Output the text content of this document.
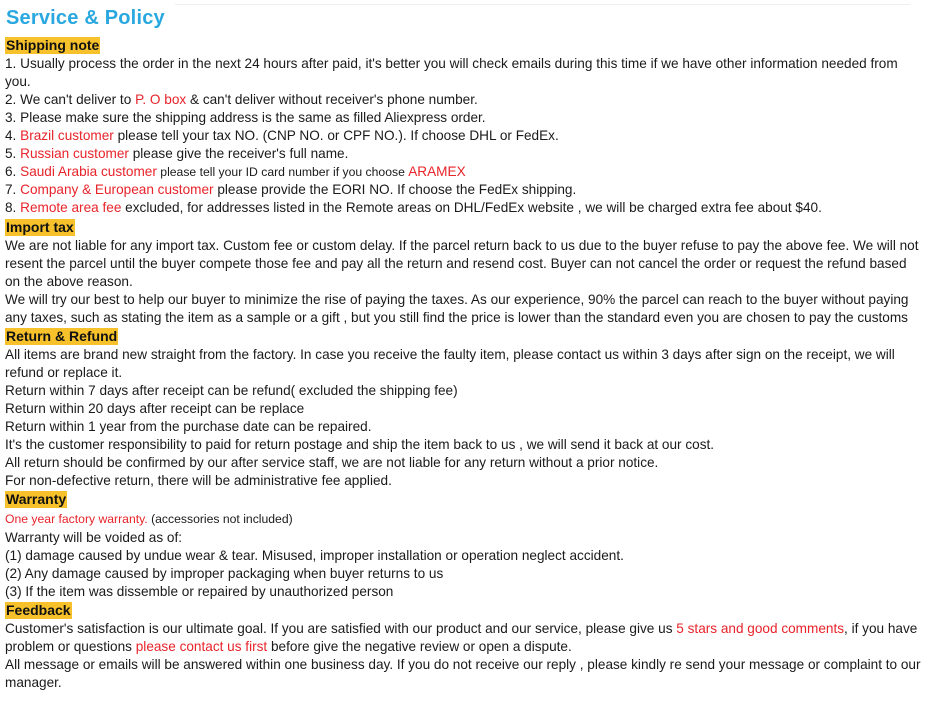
Service & Policy
Shipping note
1. Usually process the order in the next 24 hours after paid, it's better you will check emails during this time if we have other information needed from
you.
2. We can't deliver to P. O box & can't deliver without receiver's phone number.
3. Please make sure the shipping address is the same as filled Aliexpress order.
4. Brazil customer please tell your tax NO. (CNP NO. or CPF NO.). If choose DHL or FedEx.
5. Russian customer please give the receiver's full name.
6. Saudi Arabia customer please tell your ID card number if you choose ARAMEX
7. Company & European customer please provide the EORI NO. If choose the FedEx shipping.
8. Remote area fee excluded, for addresses listed in the Remote areas on DHL/FedEx website , we will be charged extra fee about $40.
Import tax
We are not liable for any import tax. Custom fee or custom delay. If the parcel return back to us due to the buyer refuse to pay the above fee. We will not
resent the parcel until the buyer compete those fee and pay all the return and resend cost. Buyer can not cancel the order or request the refund based
on the above reason.
We will try our best to help our buyer to minimize the rise of paying the taxes. As our experience, 90% the parcel can reach to the buyer without paying
any taxes, such as stating the item as a sample or a gift , but you still find the price is lower than the standard even you are chosen to pay the customs
Return & Refund
All items are brand new straight from the factory. In case you receive the faulty item, please contact us within 3 days after sign on the receipt, we will
refund or replace it.
Return within 7 days after receipt can be refund( excluded the shipping fee)
Return within 20 days after receipt can be replace
Return within 1 year from the purchase date can be repaired.
It's the customer responsibility to paid for return postage and ship the item back to us , we will send it back at our cost.
All return should be confirmed by our after service staff, we are not liable for any return without a prior notice.
For non-defective return, there will be administrative fee applied.
Warranty
One year factory warranty. (accessories not included)
Warranty will be voided as of:
(1) damage caused by undue wear & tear. Misused, improper installation or operation neglect accident.
(2) Any damage caused by improper packaging when buyer returns to us
(3) If the item was dissemble or repaired by unauthorized person
Feedback
Customer's satisfaction is our ultimate goal. If you are satisfied with our product and our service, please give us 5 stars and good comments, if you have
problem or questions please contact us first before give the negative review or open a dispute.
All message or emails will be answered within one business day. If you do not receive our reply , please kindly re send your message or complaint to our
manager.
